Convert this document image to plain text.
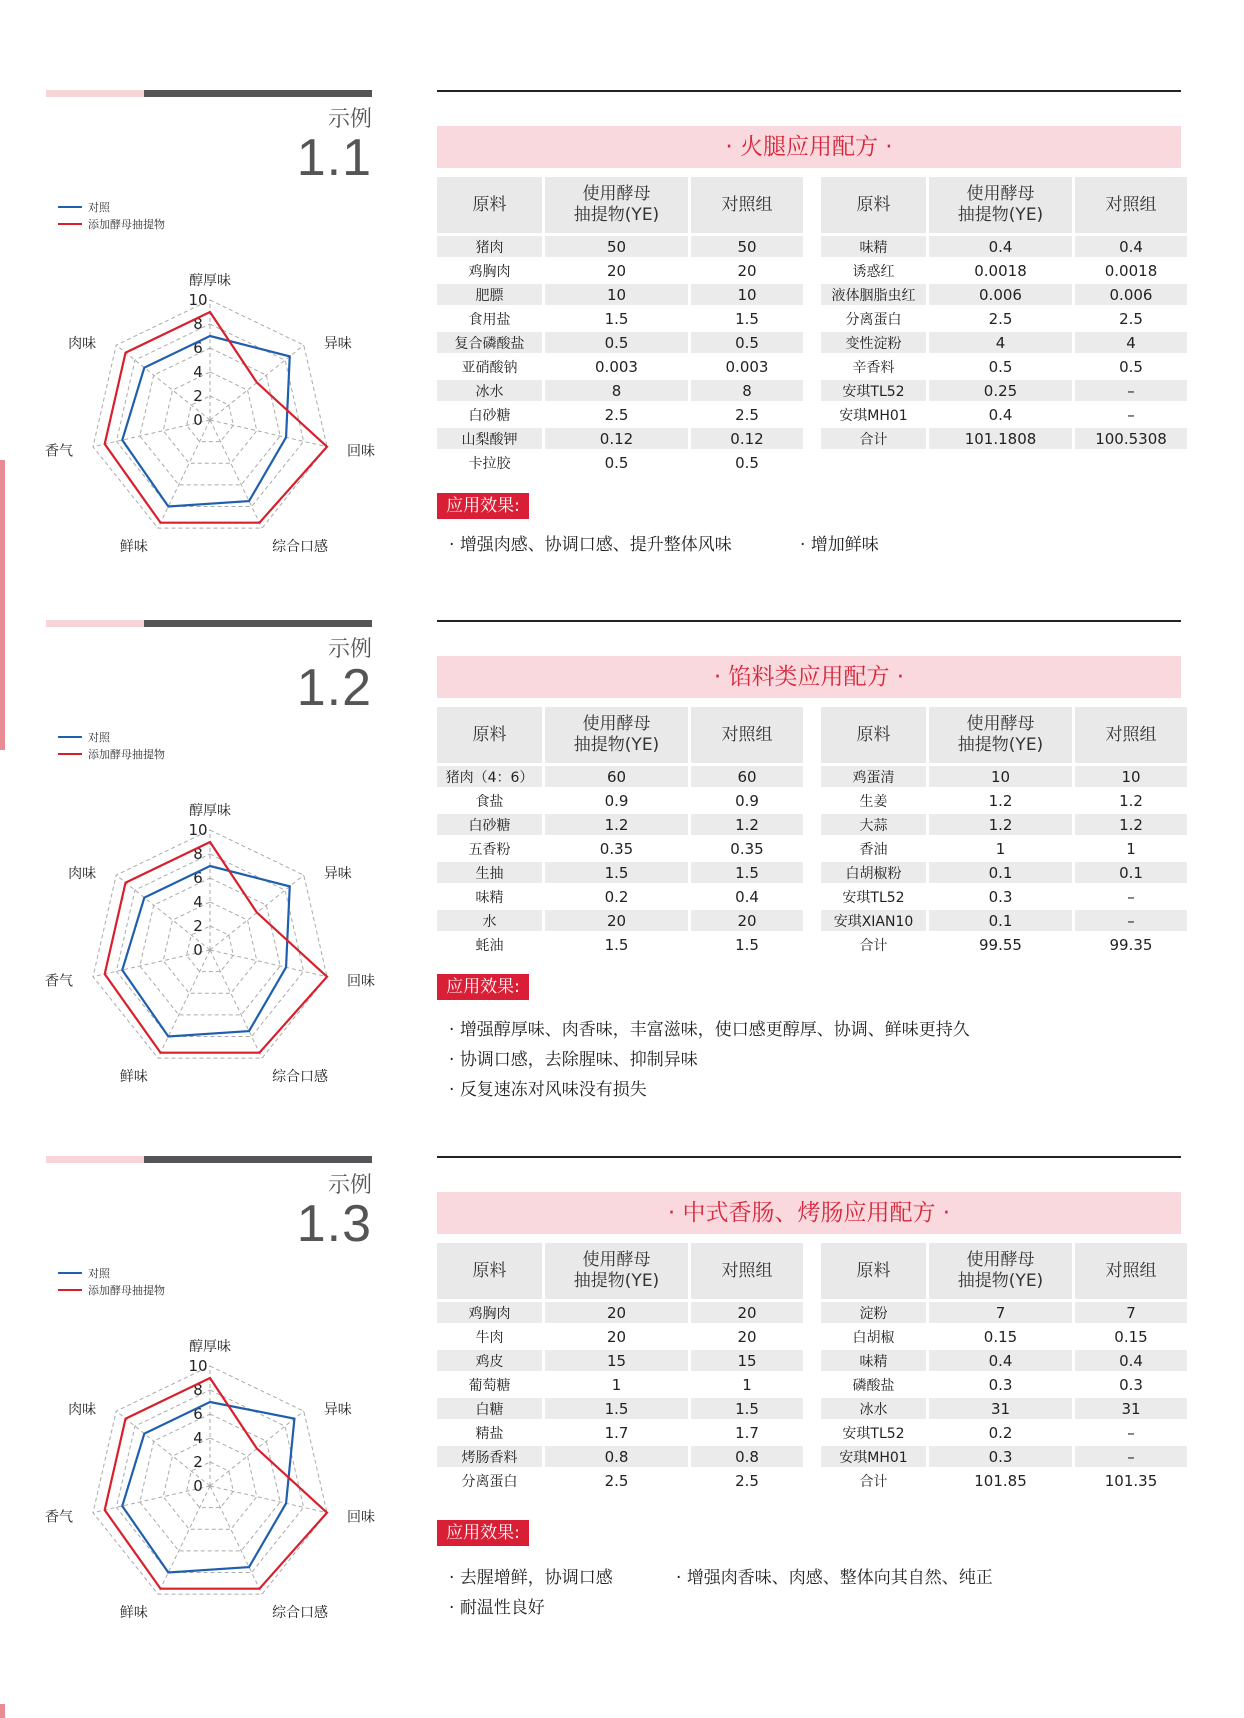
示例
1.1
对照
添加酵母抽提物
10
8
6
4
2
0
醇厚味
异味
回味
综合口感
鲜味
香气
肉味
· 火腿应用配方 ·
原料	使用酵母
抽提物(YE)	对照组
猪肉	50	50
鸡胸肉	20	20
肥膘	10	10
食用盐	1.5	1.5
复合磷酸盐	0.5	0.5
亚硝酸钠	0.003	0.003
冰水	8	8
白砂糖	2.5	2.5
山梨酸钾	0.12	0.12
卡拉胶	0.5	0.5
原料	使用酵母
抽提物(YE)	对照组
味精	0.4	0.4
诱惑红	0.0018	0.0018
液体胭脂虫红	0.006	0.006
分离蛋白	2.5	2.5
变性淀粉	4	4
辛香料	0.5	0.5
安琪TL52	0.25	–
安琪MH01	0.4	–
合计	101.1808	100.5308
应用效果:
· 增强肉感、协调口感、提升整体风味	· 增加鲜味
示例
1.2
对照
添加酵母抽提物
10
8
6
4
2
0
醇厚味
异味
回味
综合口感
鲜味
香气
肉味
· 馅料类应用配方 ·
原料	使用酵母
抽提物(YE)	对照组
猪肉（4：6）	60	60
食盐	0.9	0.9
白砂糖	1.2	1.2
五香粉	0.35	0.35
生抽	1.5	1.5
味精	0.2	0.4
水	20	20
蚝油	1.5	1.5
原料	使用酵母
抽提物(YE)	对照组
鸡蛋清	10	10
生姜	1.2	1.2
大蒜	1.2	1.2
香油	1	1
白胡椒粉	0.1	0.1
安琪TL52	0.3	–
安琪XIAN10	0.1	–
合计	99.55	99.35
应用效果:
· 增强醇厚味、肉香味，丰富滋味，使口感更醇厚、协调、鲜味更持久
· 协调口感，去除腥味、抑制异味
· 反复速冻对风味没有损失
示例
1.3
对照
添加酵母抽提物
10
8
6
4
2
0
醇厚味
异味
回味
综合口感
鲜味
香气
肉味
· 中式香肠、烤肠应用配方 ·
原料	使用酵母
抽提物(YE)	对照组
鸡胸肉	20	20
牛肉	20	20
鸡皮	15	15
葡萄糖	1	1
白糖	1.5	1.5
精盐	1.7	1.7
烤肠香料	0.8	0.8
分离蛋白	2.5	2.5
原料	使用酵母
抽提物(YE)	对照组
淀粉	7	7
白胡椒	0.15	0.15
味精	0.4	0.4
磷酸盐	0.3	0.3
冰水	31	31
安琪TL52	0.2	–
安琪MH01	0.3	–
合计	101.85	101.35
应用效果:
· 去腥增鲜，协调口感	· 增强肉香味、肉感、整体向其自然、纯正
· 耐温性良好
